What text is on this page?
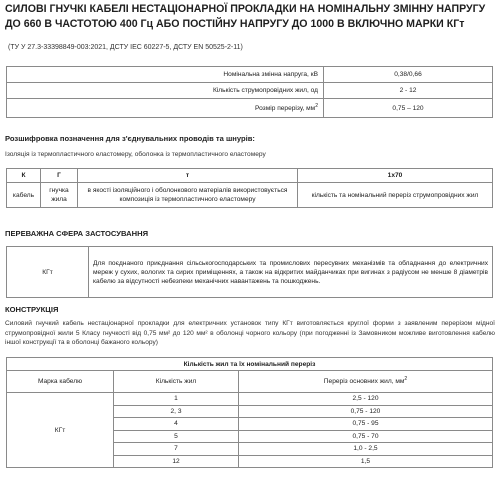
СИЛОВІ ГНУЧКІ КАБЕЛІ НЕСТАЦІОНАРНОЇ ПРОКЛАДКИ НА НОМІНАЛЬНУ ЗМІННУ НАПРУГУ ДО 660 В ЧАСТОТОЮ 400 Гц АБО ПОСТІЙНУ НАПРУГУ ДО 1000 В ВКЛЮЧНО МАРКИ КГт
(ТУ У 27.3-33398849-003:2021, ДСТУ IEC 60227-5, ДСТУ EN 50525-2-11)
Номінальна змінна напруга, кВ	0,38/0,66
Кількість струмопровідних жил, од	2 - 12
Розмір перерізу, $мм^2$	0,75 – 120
Розшифровка позначення для з'єднувальних проводів та шнурів:
Ізоляція із термопластичного еластомеру, оболонка із термопластичного еластомеру
К	Г	т	1х70
кабель	гнучка жила	в якості ізоляційного і оболонкового матеріалів використовується композиція із термопластичного еластомеру	кількість та номінальний переріз струмопровідних жил
ПЕРЕВАЖНА СФЕРА ЗАСТОСУВАННЯ
КГт	Для поєднаного приєднання сільськогосподарських та промислових пересувних механізмів та обладнання до електричних мереж у сухих, вологих та сирих приміщеннях, а також на відкритих майданчиках при вигинах з радіусом не менше 8 діаметрів кабелю за відсутності небезпеки механічних навантажень та пошкоджень.
КОНСТРУКЦІЯ
Силовий гнучкий кабель нестаціонарної прокладки для електричних установок типу КГт виготовляється круглої форми з заявленим перерізом мідної струмопровідної жили 5 Класу гнучкості від 0,75 мм² до 120 мм² в оболонці чорного кольору (при погодженні із Замовником можливе виготовлення кабелю іншої конструкції та в оболонці бажаного кольору)
Кількість жил та їх номінальний переріз		
Марка кабелю	Кількість жил	Переріз основних жил, $мм^2$
КГт	1	2,5 - 120
	2, 3	0,75 - 120
	4	0,75 - 95
	5	0,75 - 70
	7	1,0 - 2,5
	12	1,5
